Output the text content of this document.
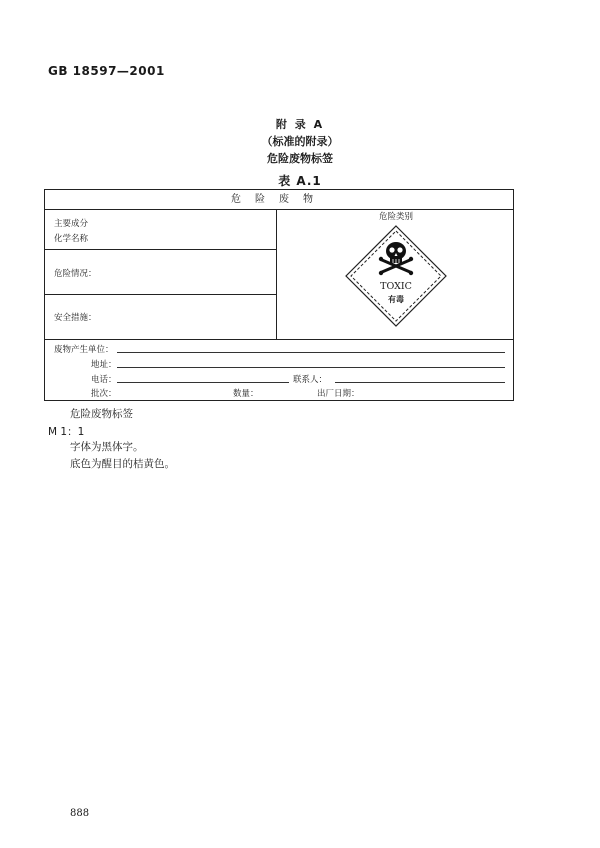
GB 18597—2001
附 录 A
（标准的附录）
危险废物标签
表 A.1
危险废物
主要成分
化学名称
危险情况：
安全措施：
危险类别
TOXIC
有毒
废物产生单位：
地址：
电话：	联系人：
批次：	数量：	出厂日期：
危险废物标签
M 1：1
字体为黑体字。
底色为醒目的桔黄色。
888
